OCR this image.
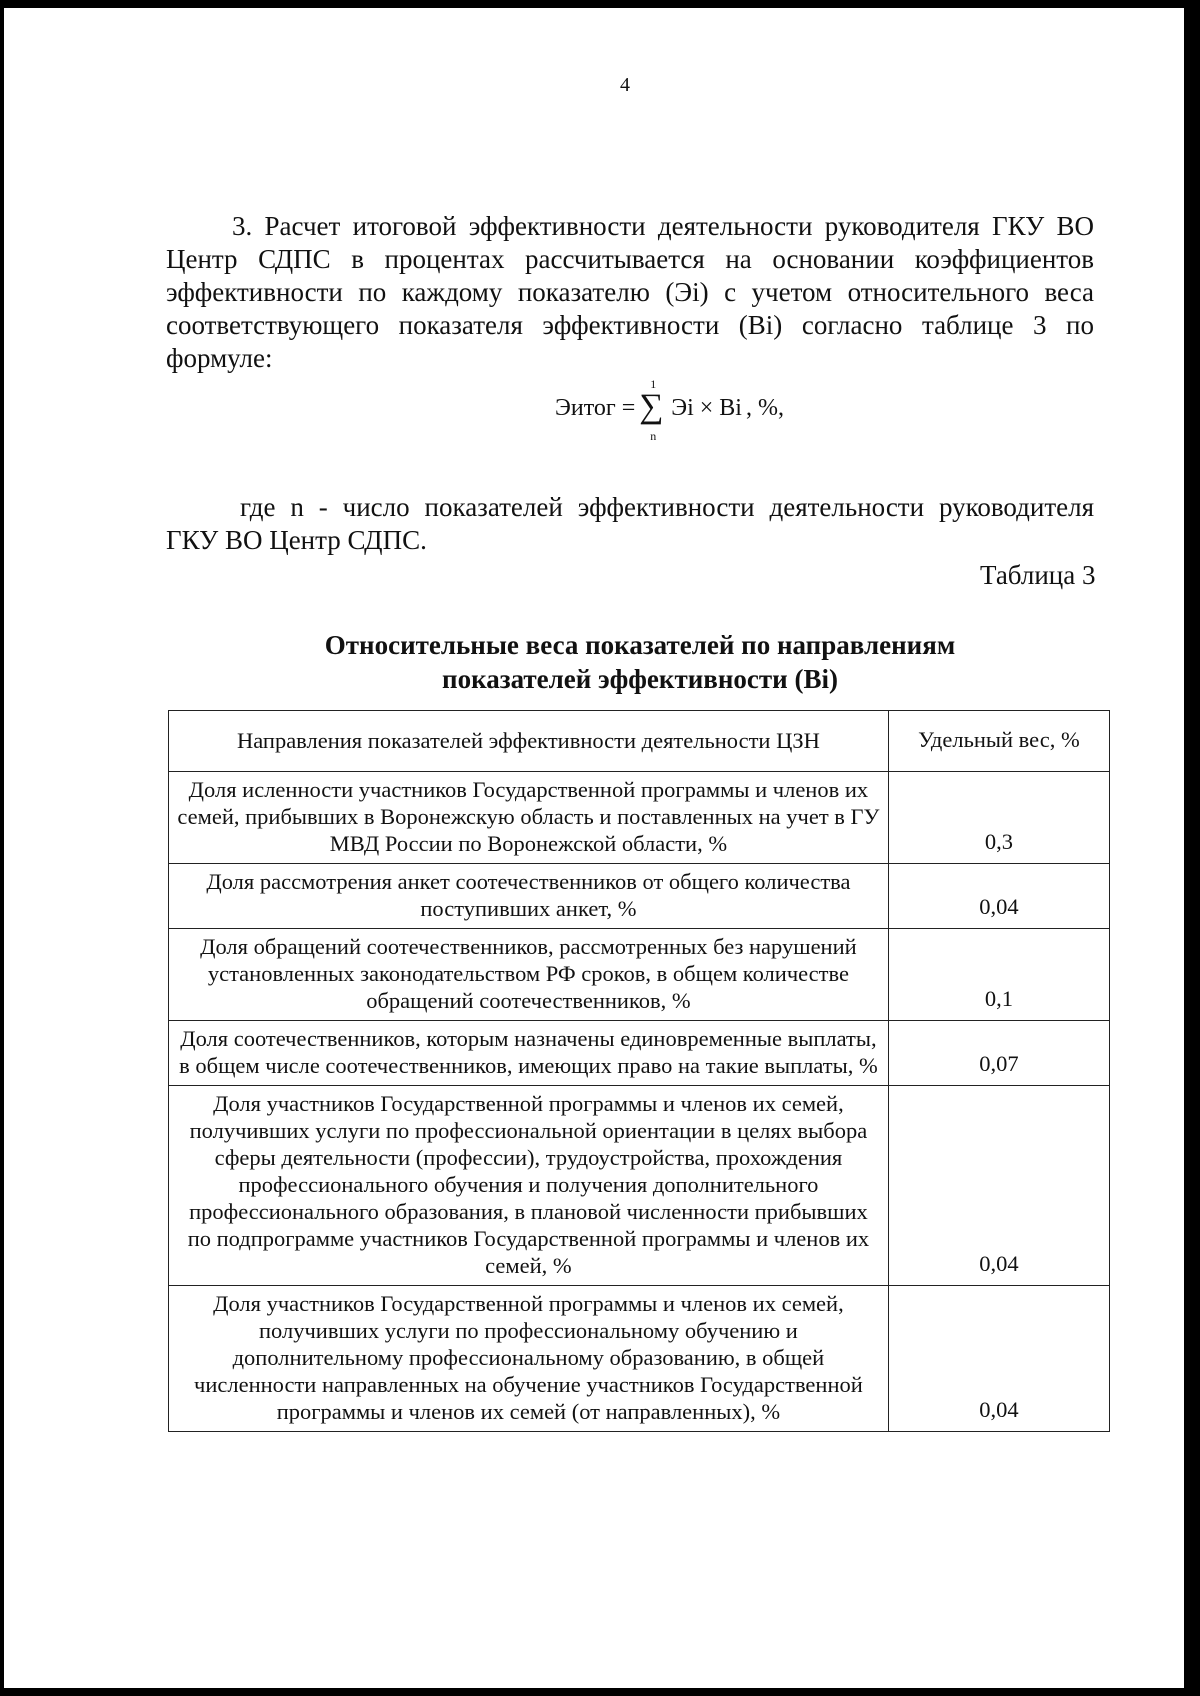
4

3. Расчет итоговой эффективности деятельности руководителя ГКУ ВО Центр СДПС в процентах рассчитывается на основании коэффициентов эффективности по каждому показателю (Эi) с учетом относительного веса соответствующего показателя эффективности (Вi) согласно таблице 3 по формуле:

Эитог =
1
∑
n
Эi × Bi , %,

где n - число показателей эффективности деятельности руководителя ГКУ ВО Центр СДПС.

Таблица 3
Относительные веса показателей по направлениям
показателей эффективности (Вi)
Направления показателей эффективности деятельности ЦЗН	Удельный вес, %
Доля исленности участников Государственной программы и членов их семей, прибывших в Воронежскую область и поставленных на учет в ГУ МВД России по Воронежской области, %	0,3
Доля рассмотрения анкет соотечественников от общего количества поступивших анкет, %	0,04
Доля обращений соотечественников, рассмотренных без нарушений установленных законодательством РФ сроков, в общем количестве обращений соотечественников, %	0,1
Доля соотечественников, которым назначены единовременные выплаты, в общем числе соотечественников, имеющих право на такие выплаты, %	0,07
Доля участников Государственной программы и членов их семей, получивших услуги по профессиональной ориентации в целях выбора сферы деятельности (профессии), трудоустройства, прохождения профессионального обучения и получения дополнительного профессионального образования, в плановой численности прибывших по подпрограмме участников Государственной программы и членов их семей, %	0,04
Доля участников Государственной программы и членов их семей, получивших услуги по профессиональному обучению и дополнительному профессиональному образованию, в общей численности направленных на обучение участников Государственной программы и членов их семей (от направленных), %	0,04
